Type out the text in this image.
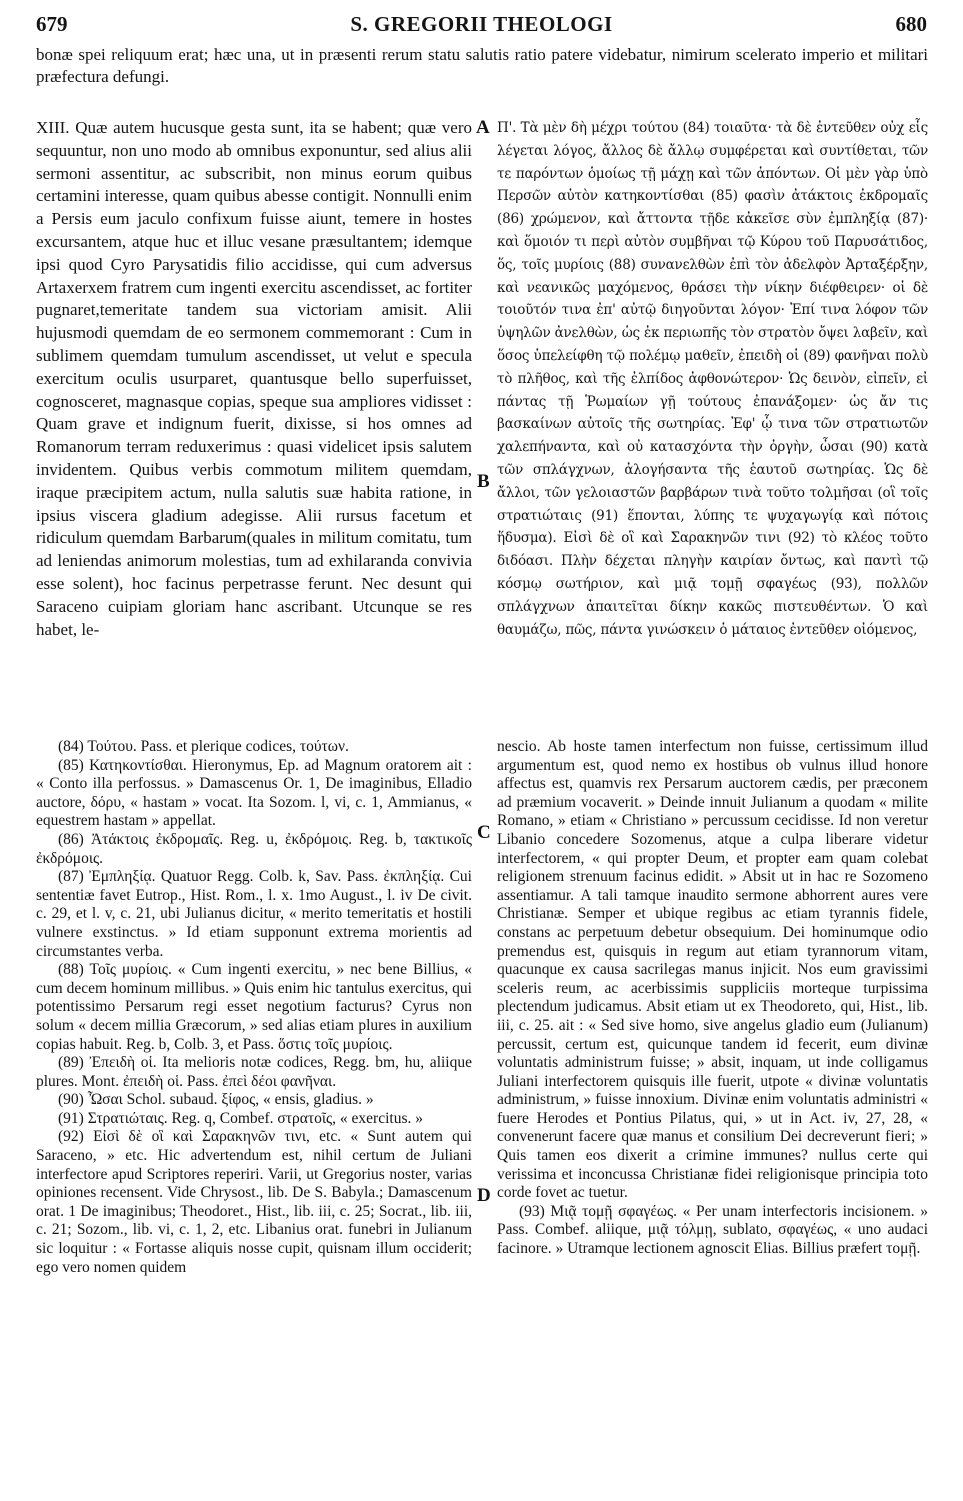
679	S. GREGORII THEOLOGI	680
bonæ spei reliquum erat; hæc una, ut in præsenti rerum statu salutis ratio patere videbatur, nimirum scelerato imperio et militari præfectura defungi.

XIII. Quæ autem hucusque gesta sunt, ita se habent; quæ vero sequuntur, non uno modo ab omnibus exponuntur, sed alius alii sermoni assentitur, ac subscribit, non minus eorum quibus certamini interesse, quam quibus abesse contigit. Nonnulli enim a Persis eum jaculo confixum fuisse aiunt, temere in hostes excursantem, atque huc et illuc vesane præsultantem; idemque ipsi quod Cyro Parysatidis filio accidisse, qui cum adversus Artaxerxem fratrem cum ingenti exercitu ascendisset, ac fortiter pugnaret,temeritate tandem sua victoriam amisit. Alii hujusmodi quemdam de eo sermonem commemorant : Cum in sublimem quemdam tumulum ascendisset, ut velut e specula exercitum oculis usurparet, quantusque bello superfuisset, cognosceret, magnasque copias, speque sua ampliores vidisset : Quam grave et indignum fuerit, dixisse, si hos omnes ad Romanorum terram reduxerimus : quasi videlicet ipsis salutem invidentem. Quibus verbis commotum militem quemdam, iraque præcipitem actum, nulla salutis suæ habita ratione, in ipsius viscera gladium adegisse. Alii rursus facetum et ridiculum quemdam Barbarum(quales in militum comitatu, tum ad leniendas animorum molestias, tum ad exhilaranda convivia esse solent), hoc facinus perpetrasse ferunt. Nec desunt qui Saraceno cuipiam gloriam hanc ascribant. Utcunque se res habet, le-

Π'. Τὰ μὲν δὴ μέχρι τούτου (84) τοιαῦτα· τὰ δὲ ἐντεῦθεν οὐχ εἷς λέγεται λόγος, ἄλλος δὲ ἄλλῳ συμφέρεται καὶ συντίθεται, τῶν τε παρόντων ὁμοίως τῇ μάχῃ καὶ τῶν ἀπόντων. Οἱ μὲν γὰρ ὑπὸ Περσῶν αὐτὸν κατηκοντίσθαι (85) φασὶν ἀτάκτοις ἐκδρομαῖς (86) χρώμενον, καὶ ἄττοντα τῇδε κἀκεῖσε σὺν ἐμπληξίᾳ (87)· καὶ ὅμοιόν τι περὶ αὐτὸν συμβῆναι τῷ Κύρου τοῦ Παρυσάτιδος, ὅς, τοῖς μυρίοις (88) συνανελθὼν ἐπὶ τὸν ἀδελφὸν Ἀρταξέρξην, καὶ νεανικῶς μαχόμενος, θράσει τὴν νίκην διέφθειρεν· οἱ δὲ τοιοῦτόν τινα ἐπ' αὐτῷ διηγοῦνται λόγον· Ἐπί τινα λόφον τῶν ὑψηλῶν ἀνελθὼν, ὡς ἐκ περιωπῆς τὸν στρατὸν ὄψει λαβεῖν, καὶ ὅσος ὑπελείφθη τῷ πολέμῳ μαθεῖν, ἐπειδὴ οἱ (89) φανῆναι πολὺ τὸ πλῆθος, καὶ τῆς ἐλπίδος ἀφθονώτερον· Ὡς δεινὸν, εἰπεῖν, εἰ πάντας τῇ Ῥωμαίων γῇ τούτους ἐπανάξομεν· ὡς ἄν τις βασκαίνων αὐτοῖς τῆς σωτηρίας. Ἐφ' ᾧ τινα τῶν στρατιωτῶν χαλεπήναντα, καὶ οὐ κατασχόντα τὴν ὀργὴν, ὦσαι (90) κατὰ τῶν σπλάγχνων, ἀλογήσαντα τῆς ἑαυτοῦ σωτηρίας. Ὡς δὲ ἄλλοι, τῶν γελοιαστῶν βαρβάρων τινὰ τοῦτο τολμῆσαι (οἳ τοῖς στρατιώταις (91) ἕπονται, λύπης τε ψυχαγωγίᾳ καὶ πότοις ἥδυσμα). Εἰσὶ δὲ οἳ καὶ Σαρακηνῶν τινι (92) τὸ κλέος τοῦτο διδόασι. Πλὴν δέχεται πληγὴν καιρίαν ὄντως, καὶ παντὶ τῷ κόσμῳ σωτήριον, καὶ μιᾷ τομῇ σφαγέως (93), πολλῶν σπλάγχνων ἀπαιτεῖται δίκην κακῶς πιστευθέντων. Ὁ καὶ θαυμάζω, πῶς, πάντα γινώσκειν ὁ μάταιος ἐντεῦθεν οἰόμενος,

A
B
C
D

(84) Τούτου. Pass. et plerique codices, τούτων.

(85) Κατηκοντίσθαι. Hieronymus, Ep. ad Magnum oratorem ait : « Conto illa perfossus. » Damascenus Or. 1, De imaginibus, Elladio auctore, δόρυ, « hastam » vocat. Ita Sozom. l, vi, c. 1, Ammianus, « equestrem hastam » appellat.

(86) Ἀτάκτοις ἐκδρομαῖς. Reg. u, ἐκδρόμοις. Reg. b, τακτικοῖς ἐκδρόμοις.

(87) Ἐμπληξίᾳ. Quatuor Regg. Colb. k, Sav. Pass. ἐκπληξίᾳ. Cui sententiæ favet Eutrop., Hist. Rom., l. x. 1mo August., l. iv De civit. c. 29, et l. v, c. 21, ubi Julianus dicitur, « merito temeritatis et hostili vulnere exstinctus. » Id etiam supponunt extrema morientis ad circumstantes verba.

(88) Τοῖς μυρίοις. « Cum ingenti exercitu, » nec bene Billius, « cum decem hominum millibus. » Quis enim hic tantulus exercitus, qui potentissimo Persarum regi esset negotium facturus? Cyrus non solum « decem millia Græcorum, » sed alias etiam plures in auxilium copias habuit. Reg. b, Colb. 3, et Pass. ὅστις τοῖς μυρίοις.

(89) Ἐπειδὴ οἱ. Ita melioris notæ codices, Regg. bm, hu, aliique plures. Mont. ἐπειδὴ οἱ. Pass. ἐπεὶ δέοι φανῆναι.

(90) Ὦσαι Schol. subaud. ξίφος, « ensis, gladius. »

(91) Στρατιώταις. Reg. q, Combef. στρατοῖς, « exercitus. »

(92) Εἰσὶ δὲ οἳ καὶ Σαρακηνῶν τινι, etc. « Sunt autem qui Saraceno, » etc. Hic advertendum est, nihil certum de Juliani interfectore apud Scriptores reperiri. Varii, ut Gregorius noster, varias opiniones recensent. Vide Chrysost., lib. De S. Babyla.; Damascenum orat. 1 De imaginibus; Theodoret., Hist., lib. iii, c. 25; Socrat., lib. iii, c. 21; Sozom., lib. vi, c. 1, 2, etc. Libanius orat. funebri in Julianum sic loquitur : « Fortasse aliquis nosse cupit, quisnam illum occiderit; ego vero nomen quidem

nescio. Ab hoste tamen interfectum non fuisse, certissimum illud argumentum est, quod nemo ex hostibus ob vulnus illud honore affectus est, quamvis rex Persarum auctorem cædis, per præconem ad præmium vocaverit. » Deinde innuit Julianum a quodam « milite Romano, » etiam « Christiano » percussum cecidisse. Id non veretur Libanio concedere Sozomenus, atque a culpa liberare videtur interfectorem, « qui propter Deum, et propter eam quam colebat religionem strenuum facinus edidit. » Absit ut in hac re Sozomeno assentiamur. A tali tamque inaudito sermone abhorrent aures vere Christianæ. Semper et ubique regibus ac etiam tyrannis fidele, constans ac perpetuum debetur obsequium. Dei hominumque odio premendus est, quisquis in regum aut etiam tyrannorum vitam, quacunque ex causa sacrilegas manus injicit. Nos eum gravissimi sceleris reum, ac acerbissimis suppliciis morteque turpissima plectendum judicamus. Absit etiam ut ex Theodoreto, qui, Hist., lib. iii, c. 25. ait : « Sed sive homo, sive angelus gladio eum (Julianum) percussit, certum est, quicunque tandem id fecerit, eum divinæ voluntatis administrum fuisse; » absit, inquam, ut inde colligamus Juliani interfectorem quisquis ille fuerit, utpote « divinæ voluntatis administrum, » fuisse innoxium. Divinæ enim voluntatis administri « fuere Herodes et Pontius Pilatus, qui, » ut in Act. iv, 27, 28, « convenerunt facere quæ manus et consilium Dei decreverunt fieri; » Quis tamen eos dixerit a crimine immunes? nullus certe qui verissima et inconcussa Christianæ fidei religionisque principia toto corde fovet ac tuetur.

(93) Μιᾷ τομῇ σφαγέως. « Per unam interfectoris incisionem. » Pass. Combef. aliique, μιᾷ τόλμῃ, sublato, σφαγέως, « uno audaci facinore. » Utramque lectionem agnoscit Elias. Billius præfert τομῇ.
